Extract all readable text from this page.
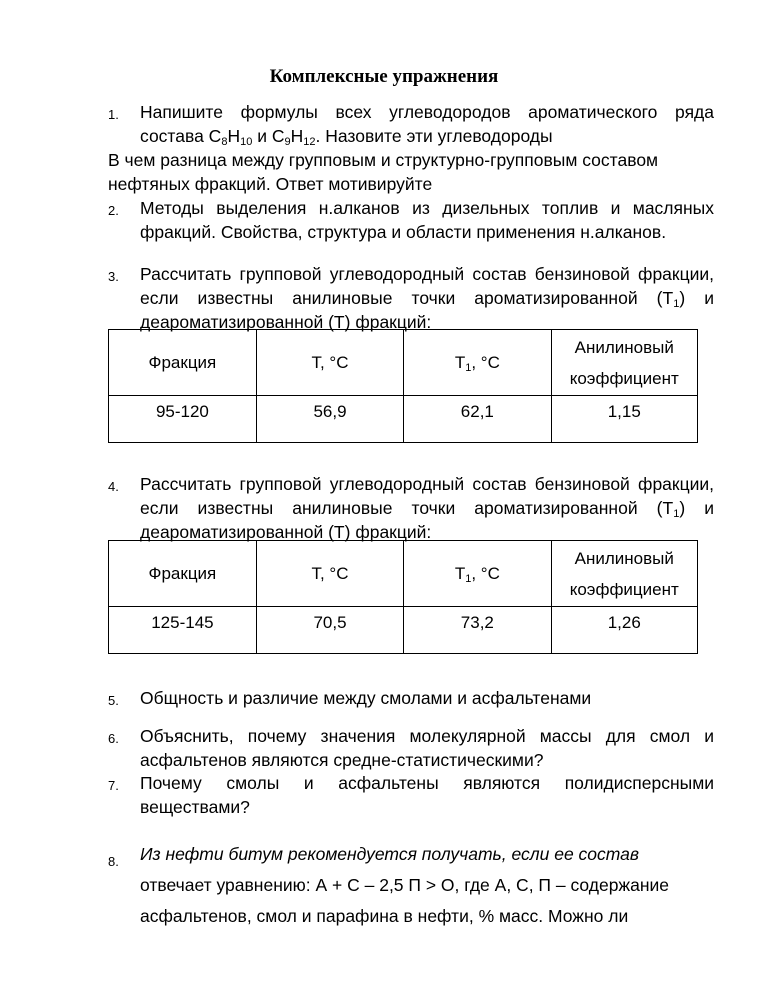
Комплексные упражнения
1. Напишите формулы всех углеводородов ароматического ряда состава $С_8Н_{10}$ и $С_9Н_{12}$. Назовите эти углеводороды
В чем разница между групповым и структурно-групповым составом нефтяных фракций. Ответ мотивируйте
2. Методы выделения н.алканов из дизельных топлив и масляных фракций. Свойства, структура и области применения н.алканов.
3. Рассчитать групповой углеводородный состав бензиновой фракции, если известны анилиновые точки ароматизированной $(Т_1)$ и деароматизированной (Т) фракций:
Фракция	Т, °С	$Т_1$, °С	Анилиновый
коэффициент

95-120	56,9	62,1	1,15
4. Рассчитать групповой углеводородный состав бензиновой фракции, если известны анилиновые точки ароматизированной $(Т_1)$ и деароматизированной (Т) фракций:
Фракция	Т, °С	$Т_1$, °С	Анилиновый
коэффициент

125-145	70,5	73,2	1,26
5. Общность и различие между смолами и асфальтенами
6. Объяснить, почему значения молекулярной массы для смол и асфальтенов являются средне-статистическими?
7. Почему смолы и асфальтены являются полидисперсными веществами?
8. Из нефти битум рекомендуется получать, если ее состав отвечает уравнению: А + С – 2,5 П > О, где А, С, П – содержание асфальтенов, смол и парафина в нефти, % масс. Можно ли
